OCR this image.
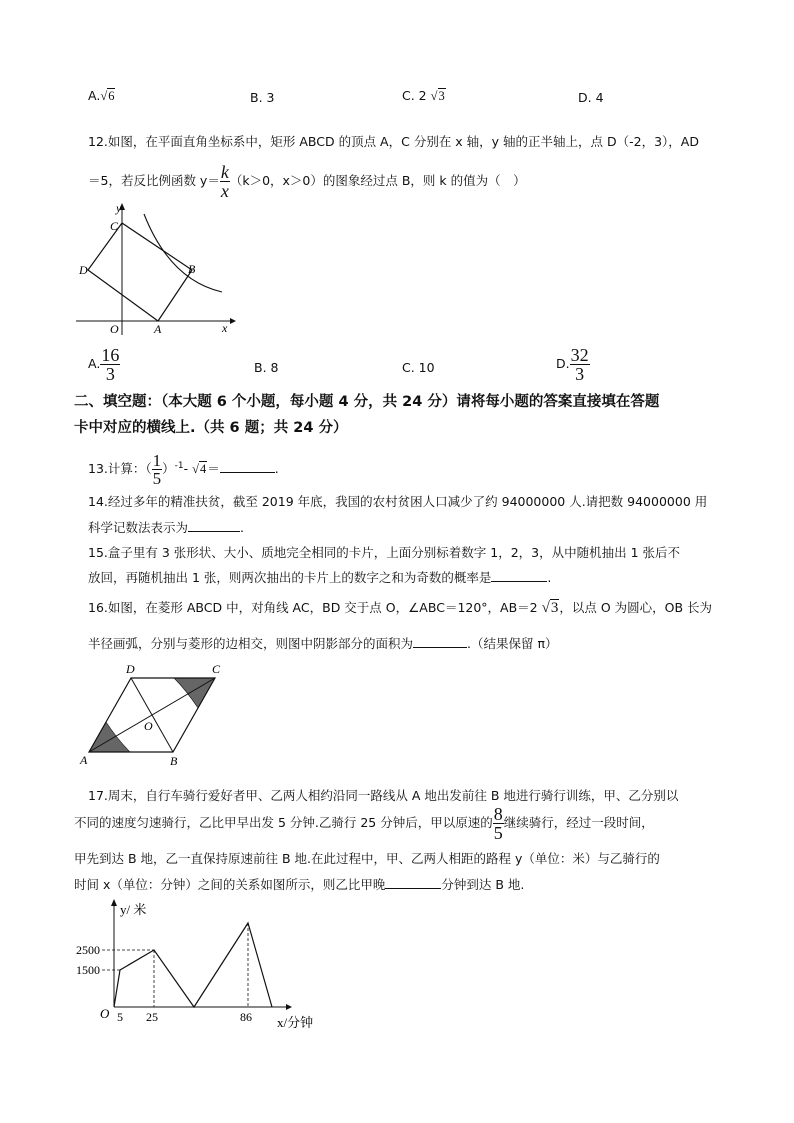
A.√6	B. 3	C. 2 √3	D. 4
12.如图，在平面直角坐标系中，矩形 ABCD 的顶点 A，C 分别在 x 轴，y 轴的正半轴上，点 D（-2，3），AD
＝5，若反比例函数 $y= \frac{k}{x} (k>0$，x＞0）的图象经过点 B，则 k 的值为（　）
y
C
D	B
O	A	x
A. $\frac{16}{3}$	B. 8	C. 10	D. $\frac{32}{3}$
二、填空题：（本大题 6 个小题，每小题 4 分，共 24 分）请将每小题的答案直接填在答题
卡中对应的横线上.（共 6 题；共 24 分）
13.计算：（ $\frac{1}{5} )^{-1}-$ √4＝	.
14.经过多年的精准扶贫，截至 2019 年底，我国的农村贫困人口减少了约 94000000 人.请把数 94000000 用
科学记数法表示为	.
15.盒子里有 3 张形状、大小、质地完全相同的卡片，上面分别标着数字 1，2，3，从中随机抽出 1 张后不
放回，再随机抽出 1 张，则两次抽出的卡片上的数字之和为奇数的概率是	.
16.如图，在菱形 ABCD 中，对角线 AC，BD 交于点 O，∠ABC＝120°，AB＝2 √3，以点 O 为圆心，OB 长为
半径画弧，分别与菱形的边相交，则图中阴影部分的面积为	.（结果保留 π）
D	C
O
A	B
17.周末，自行车骑行爱好者甲、乙两人相约沿同一路线从 A 地出发前往 B 地进行骑行训练，甲、乙分别以
不同的速度匀速骑行，乙比甲早出发 5 分钟.乙骑行 25 分钟后，甲以原速的 $\frac{8}{5}$ 继续骑行，经过一段时间，
甲先到达 B 地，乙一直保持原速前往 B 地.在此过程中，甲、乙两人相距的路程 y（单位：米）与乙骑行的
时间 x（单位：分钟）之间的关系如图所示，则乙比甲晚	分钟到达 B 地.
y/ 米
2500
1500
O 5 25	86 x/分钟
